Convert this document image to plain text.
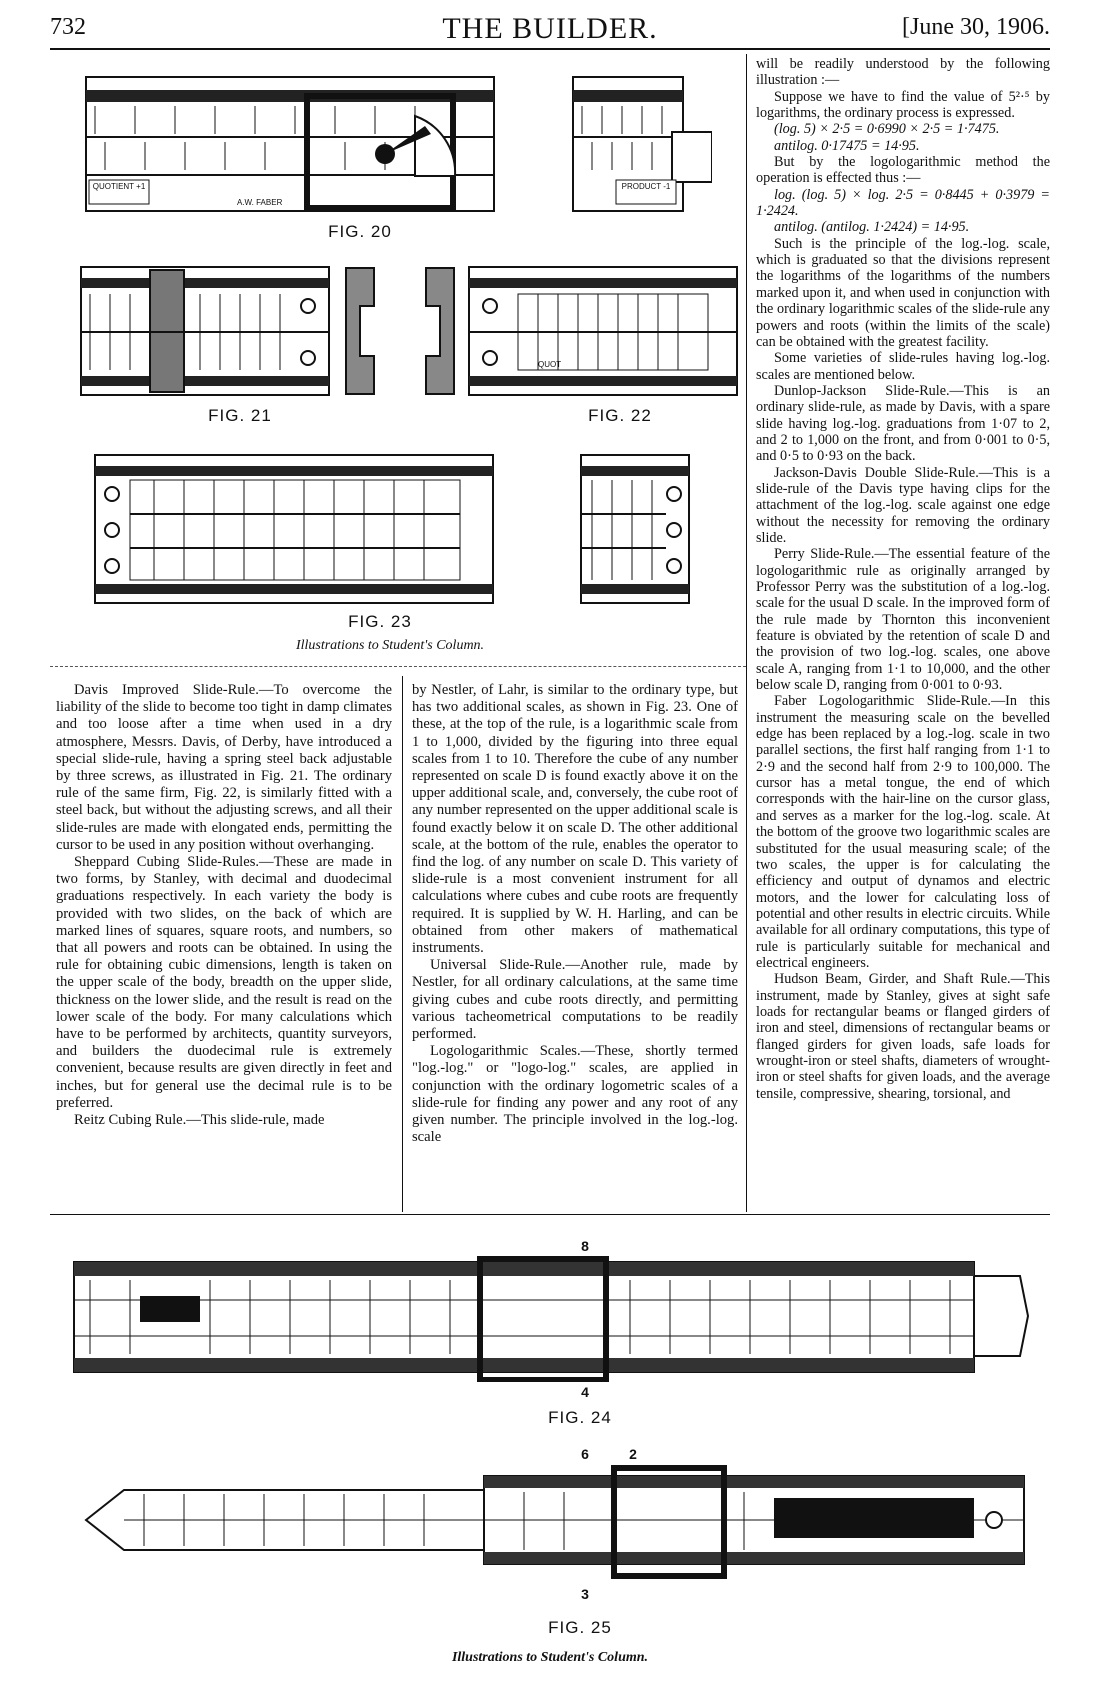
732	THE BUILDER.	[June 30, 1906.
QUOTIENT +1
A.W. FABER
PRODUCT -1
FIG. 20
FIG. 21
QUOT
FIG. 22
FIG. 23
Illustrations to Student's Column.

Davis Improved Slide-Rule.—To overcome the liability of the slide to become too tight in damp climates and too loose after a time when used in a dry atmosphere, Messrs. Davis, of Derby, have introduced a special slide-rule, having a spring steel back adjustable by three screws, as illustrated in Fig. 21. The ordinary rule of the same firm, Fig. 22, is similarly fitted with a steel back, but without the adjusting screws, and all their slide-rules are made with elongated ends, permitting the cursor to be used in any position without overhanging.

Sheppard Cubing Slide-Rules.—These are made in two forms, by Stanley, with decimal and duodecimal graduations respectively. In each variety the body is provided with two slides, on the back of which are marked lines of squares, square roots, and numbers, so that all powers and roots can be obtained. In using the rule for obtaining cubic dimensions, length is taken on the upper scale of the body, breadth on the upper slide, thickness on the lower slide, and the result is read on the lower scale of the body. For many calculations which have to be performed by architects, quantity surveyors, and builders the duodecimal rule is extremely convenient, because results are given directly in feet and inches, but for general use the decimal rule is to be preferred.

Reitz Cubing Rule.—This slide-rule, made

by Nestler, of Lahr, is similar to the ordinary type, but has two additional scales, as shown in Fig. 23. One of these, at the top of the rule, is a logarithmic scale from 1 to 1,000, divided by the figuring into three equal scales from 1 to 10. Therefore the cube of any number represented on scale D is found exactly above it on the upper additional scale, and, conversely, the cube root of any number represented on the upper additional scale is found exactly below it on scale D. The other additional scale, at the bottom of the rule, enables the operator to find the log. of any number on scale D. This variety of slide-rule is a most convenient instrument for all calculations where cubes and cube roots are frequently required. It is supplied by W. H. Harling, and can be obtained from other makers of mathematical instruments.

Universal Slide-Rule.—Another rule, made by Nestler, for all ordinary calculations, at the same time giving cubes and cube roots directly, and permitting various tacheometrical computations to be readily performed.

Logologarithmic Scales.—These, shortly termed "log.-log." or "logo-log." scales, are applied in conjunction with the ordinary logometric scales of a slide-rule for finding any power and any root of any given number. The principle involved in the log.-log. scale

will be readily understood by the following illustration :—

Suppose we have to find the value of 5²·⁵ by logarithms, the ordinary process is expressed.

(log. 5) × 2·5 = 0·6990 × 2·5 = 1·7475.

antilog. 0·17475 = 14·95.

But by the logologarithmic method the operation is effected thus :—

log. (log. 5) × log. 2·5 = 0·8445 + 0·3979 = 1·2424.

antilog. (antilog. 1·2424) = 14·95.

Such is the principle of the log.-log. scale, which is graduated so that the divisions represent the logarithms of the logarithms of the numbers marked upon it, and when used in conjunction with the ordinary logarithmic scales of the slide-rule any powers and roots (within the limits of the scale) can be obtained with the greatest facility.

Some varieties of slide-rules having log.-log. scales are mentioned below.

Dunlop-Jackson Slide-Rule.—This is an ordinary slide-rule, as made by Davis, with a spare slide having log.-log. graduations from 1·07 to 2, and 2 to 1,000 on the front, and from 0·001 to 0·5, and 0·5 to 0·93 on the back.

Jackson-Davis Double Slide-Rule.—This is a slide-rule of the Davis type having clips for the attachment of the log.-log. scale against one edge without the necessity for removing the ordinary slide.

Perry Slide-Rule.—The essential feature of the logologarithmic rule as originally arranged by Professor Perry was the substitution of a log.-log. scale for the usual D scale. In the improved form of the rule made by Thornton this inconvenient feature is obviated by the retention of scale D and the provision of two log.-log. scales, one above scale A, ranging from 1·1 to 10,000, and the other below scale D, ranging from 0·001 to 0·93.

Faber Logologarithmic Slide-Rule.—In this instrument the measuring scale on the bevelled edge has been replaced by a log.-log. scale in two parallel sections, the first half ranging from 1·1 to 2·9 and the second half from 2·9 to 100,000. The cursor has a metal tongue, the end of which corresponds with the hair-line on the cursor glass, and serves as a marker for the log.-log. scale. At the bottom of the groove two logarithmic scales are substituted for the usual measuring scale; of the two scales, the upper is for calculating the efficiency and output of dynamos and electric motors, and the lower for calculating loss of potential and other results in electric circuits. While available for all ordinary computations, this type of rule is particularly suitable for mechanical and electrical engineers.

Hudson Beam, Girder, and Shaft Rule.—This instrument, made by Stanley, gives at sight safe loads for rectangular beams or flanged girders of iron and steel, dimensions of rectangular beams or flanged girders for given loads, safe loads for wrought-iron or steel shafts, diameters of wrought-iron or steel shafts for given loads, and the average tensile, compressive, shearing, torsional, and

8
4
FIG. 24
6	2
3
FIG. 25
Illustrations to Student's Column.
